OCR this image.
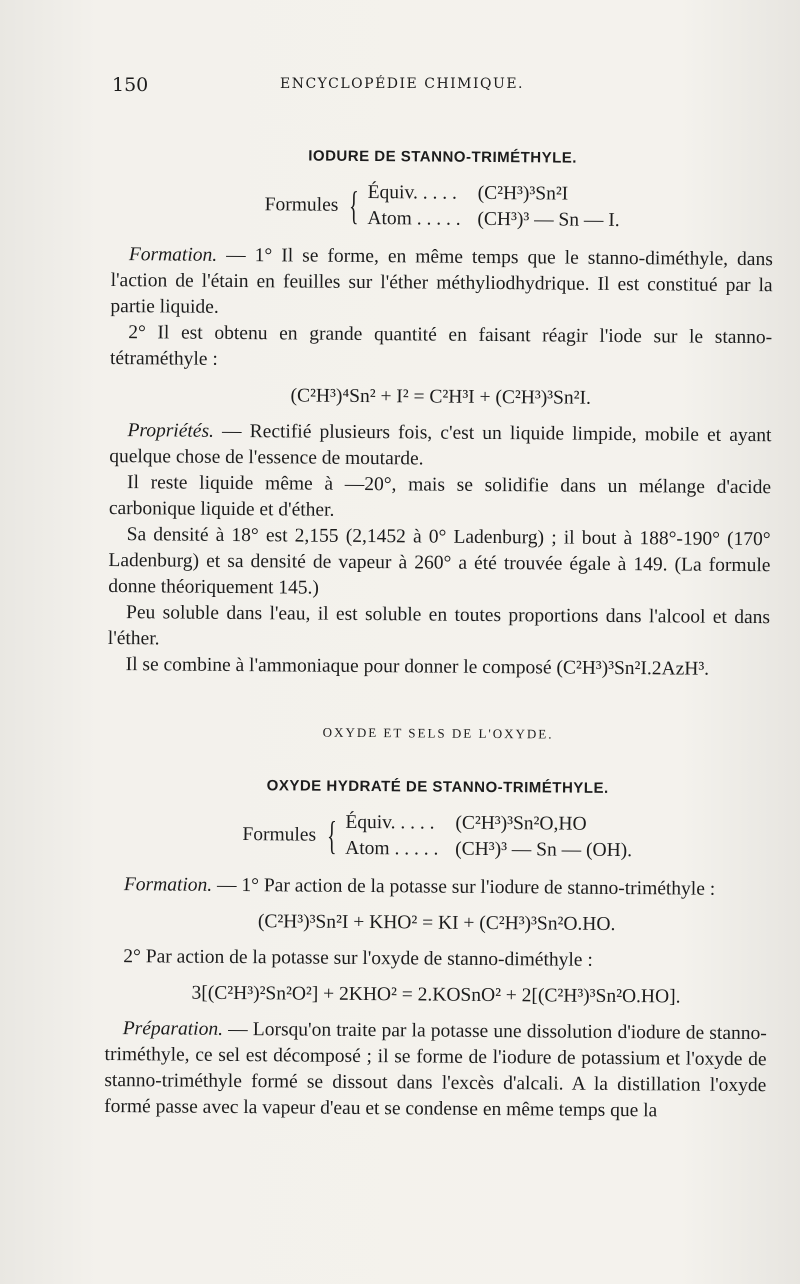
150	ENCYCLOPÉDIE CHIMIQUE.
IODURE DE STANNO-TRIMÉTHYLE.
Formules { Équiv. . . . .	(C²H³)³Sn²I
Atom . . . . . (CH³)³ — Sn — I.

Formation. — 1° Il se forme, en même temps que le stanno-diméthyle, dans l'action de l'étain en feuilles sur l'éther méthyliodhydrique. Il est constitué par la partie liquide.

2° Il est obtenu en grande quantité en faisant réagir l'iode sur le stanno-tétraméthyle :

(C²H³)⁴Sn² + I² = C²H³I + (C²H³)³Sn²I.

Propriétés. — Rectifié plusieurs fois, c'est un liquide limpide, mobile et ayant quelque chose de l'essence de moutarde.

Il reste liquide même à —20°, mais se solidifie dans un mélange d'acide carbonique liquide et d'éther.

Sa densité à 18° est 2,155 (2,1452 à 0° Ladenburg) ; il bout à 188°-190° (170° Ladenburg) et sa densité de vapeur à 260° a été trouvée égale à 149. (La formule donne théoriquement 145.)

Peu soluble dans l'eau, il est soluble en toutes proportions dans l'alcool et dans l'éther.

Il se combine à l'ammoniaque pour donner le composé (C²H³)³Sn²I.2AzH³.

OXYDE ET SELS DE L'OXYDE.
OXYDE HYDRATÉ DE STANNO-TRIMÉTHYLE.
Formules { Équiv. . . . .	(C²H³)³Sn²O,HO
Atom . . . . . (CH³)³ — Sn — (OH).

Formation. — 1° Par action de la potasse sur l'iodure de stanno-triméthyle :

(C²H³)³Sn²I + KHO² = KI + (C²H³)³Sn²O.HO.

2° Par action de la potasse sur l'oxyde de stanno-diméthyle :

3[(C²H³)²Sn²O²] + 2KHO² = 2.KOSnO² + 2[(C²H³)³Sn²O.HO].

Préparation. — Lorsqu'on traite par la potasse une dissolution d'iodure de stanno-triméthyle, ce sel est décomposé ; il se forme de l'iodure de potassium et l'oxyde de stanno-triméthyle formé se dissout dans l'excès d'alcali. A la distillation l'oxyde formé passe avec la vapeur d'eau et se condense en même temps que la
